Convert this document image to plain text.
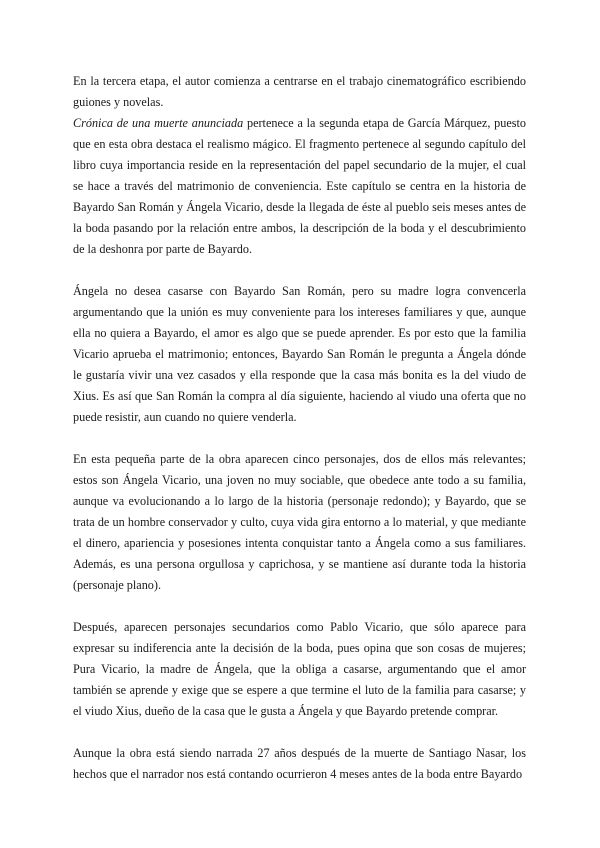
En la tercera etapa, el autor comienza a centrarse en el trabajo cinematográfico escribiendo guiones y novelas.

Crónica de una muerte anunciada pertenece a la segunda etapa de García Márquez, puesto que en esta obra destaca el realismo mágico. El fragmento pertenece al segundo capítulo del libro cuya importancia reside en la representación del papel secundario de la mujer, el cual se hace a través del matrimonio de conveniencia. Este capítulo se centra en la historia de Bayardo San Román y Ángela Vicario, desde la llegada de éste al pueblo seis meses antes de la boda pasando por la relación entre ambos, la descripción de la boda y el descubrimiento de la deshonra por parte de Bayardo.

Ángela no desea casarse con Bayardo San Román, pero su madre logra convencerla argumentando que la unión es muy conveniente para los intereses familiares y que, aunque ella no quiera a Bayardo, el amor es algo que se puede aprender. Es por esto que la familia Vicario aprueba el matrimonio; entonces, Bayardo San Román le pregunta a Ángela dónde le gustaría vivir una vez casados y ella responde que la casa más bonita es la del viudo de Xius. Es así que San Román la compra al día siguiente, haciendo al viudo una oferta que no puede resistir, aun cuando no quiere venderla.

En esta pequeña parte de la obra aparecen cinco personajes, dos de ellos más relevantes; estos son Ángela Vicario, una joven no muy sociable, que obedece ante todo a su familia, aunque va evolucionando a lo largo de la historia (personaje redondo); y Bayardo, que se trata de un hombre conservador y culto, cuya vida gira entorno a lo material, y que mediante el dinero, apariencia y posesiones intenta conquistar tanto a Ángela como a sus familiares. Además, es una persona orgullosa y caprichosa, y se mantiene así durante toda la historia (personaje plano).

Después, aparecen personajes secundarios como Pablo Vicario, que sólo aparece para expresar su indiferencia ante la decisión de la boda, pues opina que son cosas de mujeres; Pura Vicario, la madre de Ángela, que la obliga a casarse, argumentando que el amor también se aprende y exige que se espere a que termine el luto de la familia para casarse; y el viudo Xius, dueño de la casa que le gusta a Ángela y que Bayardo pretende comprar.

Aunque la obra está siendo narrada 27 años después de la muerte de Santiago Nasar, los hechos que el narrador nos está contando ocurrieron 4 meses antes de la boda entre Bayardo
